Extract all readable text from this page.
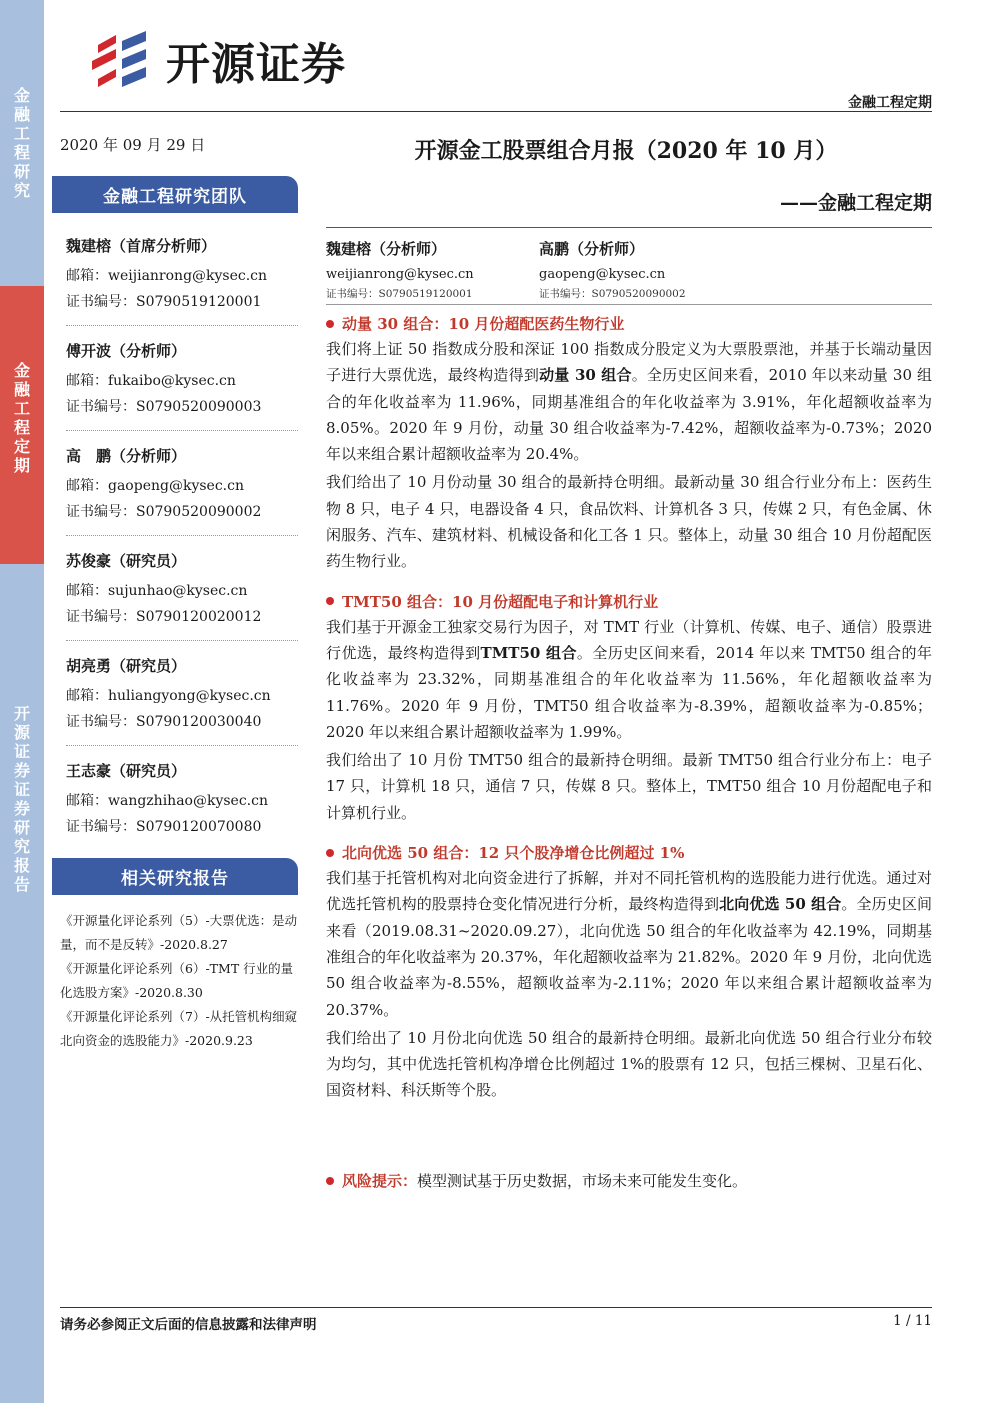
金融工程研究
金融工程定期
开源证券 证券研究报告
开源证券
金融工程定期
2020 年 09 月 29 日
金融工程研究团队
魏建榕（首席分析师）
邮箱：weijianrong@kysec.cn
证书编号：S0790519120001
傅开波（分析师）
邮箱：fukaibo@kysec.cn
证书编号：S0790520090003
高　鹏（分析师）
邮箱：gaopeng@kysec.cn
证书编号：S0790520090002
苏俊豪（研究员）
邮箱：sujunhao@kysec.cn
证书编号：S0790120020012
胡亮勇（研究员）
邮箱：huliangyong@kysec.cn
证书编号：S0790120030040
王志豪（研究员）
邮箱：wangzhihao@kysec.cn
证书编号：S0790120070080
相关研究报告
《开源量化评论系列（5）-大票优选：是动量，而不是反转》-2020.8.27
《开源量化评论系列（6）-TMT 行业的量化选股方案》-2020.8.30
《开源量化评论系列（7）-从托管机构细窥北向资金的选股能力》-2020.9.23
开源金工股票组合月报（2020 年 10 月）
——金融工程定期
魏建榕（分析师）
weijianrong@kysec.cn
证书编号：S0790519120001
高鹏（分析师）
gaopeng@kysec.cn
证书编号：S0790520090002
动量 30 组合：10 月份超配医药生物行业

我们将上证 50 指数成分股和深证 100 指数成分股定义为大票股票池，并基于长端动量因子进行大票优选，最终构造得到动量 30 组合。全历史区间来看，2010 年以来动量 30 组合的年化收益率为 11.96%，同期基准组合的年化收益率为 3.91%，年化超额收益率为 8.05%。2020 年 9 月份，动量 30 组合收益率为-7.42%，超额收益率为-0.73%；2020 年以来组合累计超额收益率为 20.4%。

我们给出了 10 月份动量 30 组合的最新持仓明细。最新动量 30 组合行业分布上：医药生物 8 只，电子 4 只，电器设备 4 只，食品饮料、计算机各 3 只，传媒 2 只，有色金属、休闲服务、汽车、建筑材料、机械设备和化工各 1 只。整体上，动量 30 组合 10 月份超配医药生物行业。

TMT50 组合：10 月份超配电子和计算机行业

我们基于开源金工独家交易行为因子，对 TMT 行业（计算机、传媒、电子、通信）股票进行优选，最终构造得到TMT50 组合。全历史区间来看，2014 年以来 TMT50 组合的年化收益率为 23.32%，同期基准组合的年化收益率为 11.56%，年化超额收益率为 11.76%。2020 年 9 月份，TMT50 组合收益率为-8.39%，超额收益率为-0.85%；2020 年以来组合累计超额收益率为 1.99%。

我们给出了 10 月份 TMT50 组合的最新持仓明细。最新 TMT50 组合行业分布上：电子 17 只，计算机 18 只，通信 7 只，传媒 8 只。整体上，TMT50 组合 10 月份超配电子和计算机行业。

北向优选 50 组合：12 只个股净增仓比例超过 1%

我们基于托管机构对北向资金进行了拆解，并对不同托管机构的选股能力进行优选。通过对优选托管机构的股票持仓变化情况进行分析，最终构造得到北向优选 50 组合。全历史区间来看（2019.08.31~2020.09.27），北向优选 50 组合的年化收益率为 42.19%，同期基准组合的年化收益率为 20.37%，年化超额收益率为 21.82%。2020 年 9 月份，北向优选 50 组合收益率为-8.55%，超额收益率为-2.11%；2020 年以来组合累计超额收益率为 20.37%。

我们给出了 10 月份北向优选 50 组合的最新持仓明细。最新北向优选 50 组合行业分布较为均匀，其中优选托管机构净增仓比例超过 1%的股票有 12 只，包括三棵树、卫星石化、国资材料、科沃斯等个股。

风险提示： 模型测试基于历史数据，市场未来可能发生变化。
请务必参阅正文后面的信息披露和法律声明	1 / 11
